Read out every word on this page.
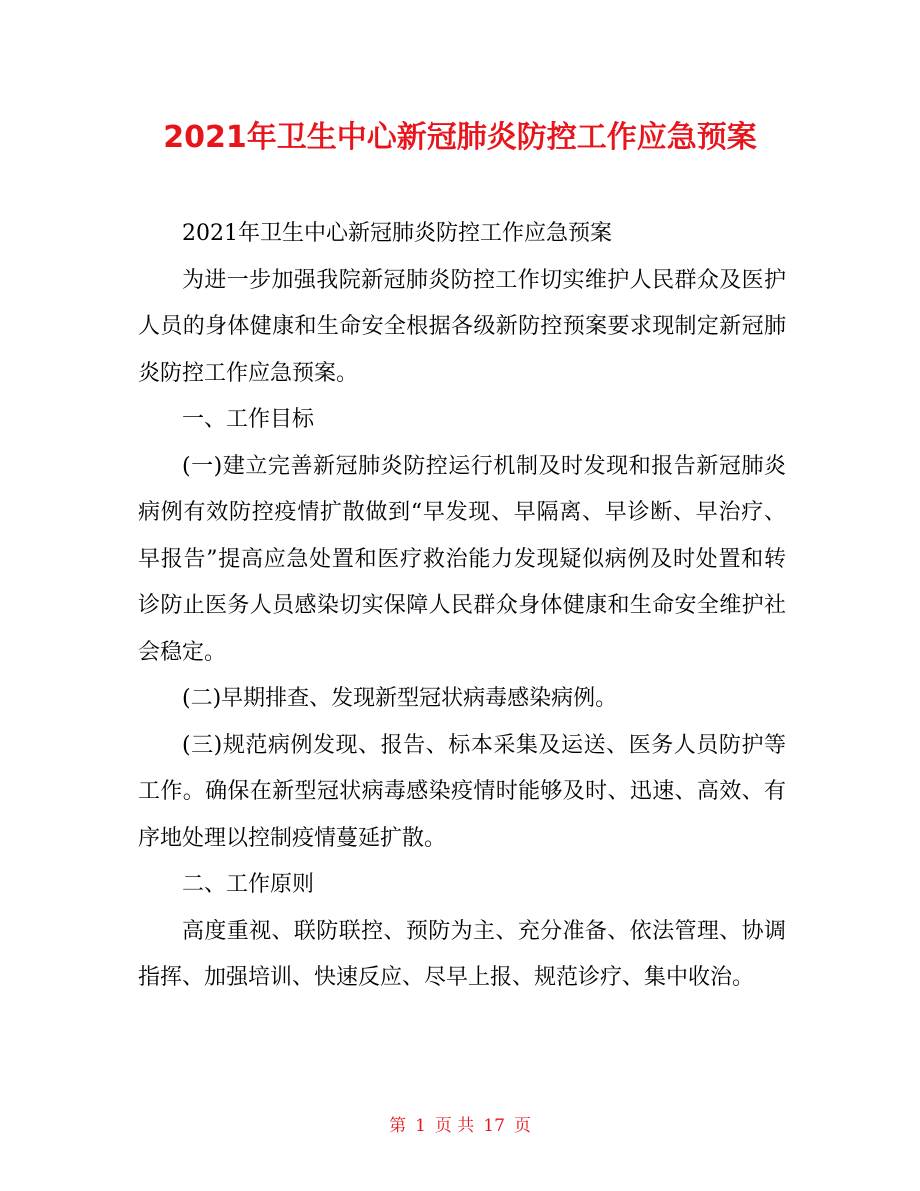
2021年卫生中心新冠肺炎防控工作应急预案

2021年卫生中心新冠肺炎防控工作应急预案

为进一步加强我院新冠肺炎防控工作切实维护人民群众及医护人员的身体健康和生命安全根据各级新防控预案要求现制定新冠肺炎防控工作应急预案。

一、工作目标

(一)建立完善新冠肺炎防控运行机制及时发现和报告新冠肺炎病例有效防控疫情扩散做到“早发现、早隔离、早诊断、早治疗、早报告”提高应急处置和医疗救治能力发现疑似病例及时处置和转诊防止医务人员感染切实保障人民群众身体健康和生命安全维护社会稳定。

(二)早期排查、发现新型冠状病毒感染病例。

(三)规范病例发现、报告、标本采集及运送、医务人员防护等工作。确保在新型冠状病毒感染疫情时能够及时、迅速、高效、有序地处理以控制疫情蔓延扩散。

二、工作原则

高度重视、联防联控、预防为主、充分准备、依法管理、协调指挥、加强培训、快速反应、尽早上报、规范诊疗、集中收治。

第 1 页 共 17 页
